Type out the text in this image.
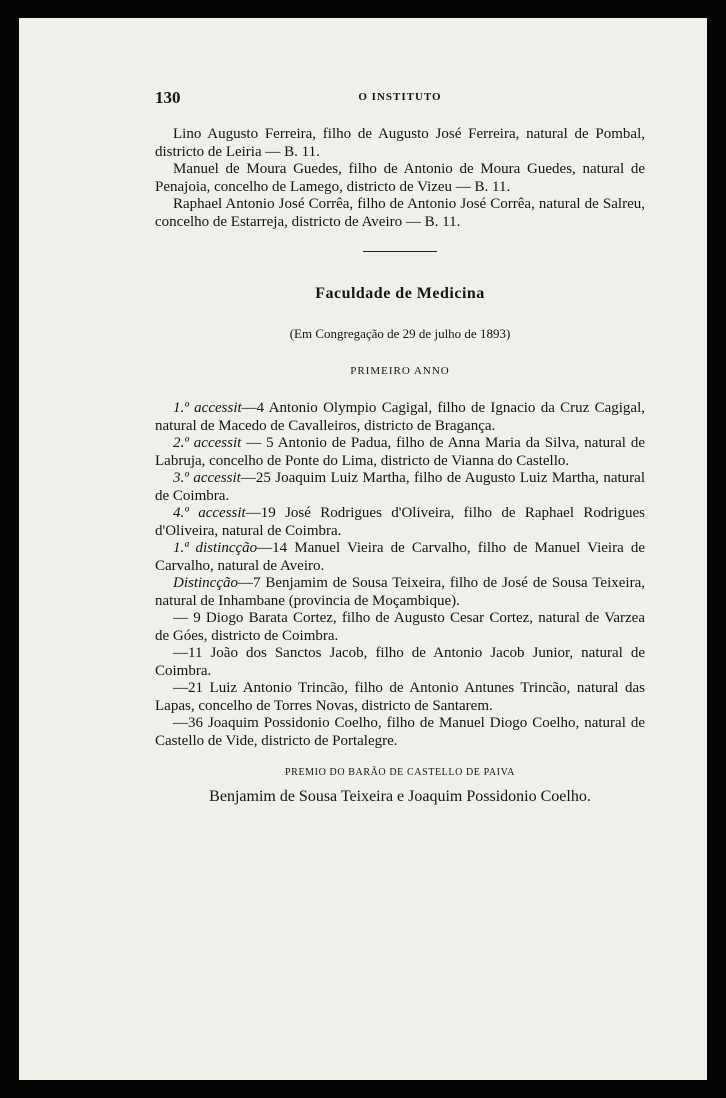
130	O INSTITUTO

Lino Augusto Ferreira, filho de Augusto José Ferreira, natural de Pombal, districto de Leiria — B. 11.

Manuel de Moura Guedes, filho de Antonio de Moura Guedes, natural de Penajoia, concelho de Lamego, districto de Vizeu — B. 11.

Raphael Antonio José Corrêa, filho de Antonio José Corrêa, natural de Salreu, concelho de Estarreja, districto de Aveiro — B. 11.

Faculdade de Medicina
(Em Congregação de 29 de julho de 1893)
PRIMEIRO ANNO

1.º accessit—4 Antonio Olympio Cagigal, filho de Ignacio da Cruz Cagigal, natural de Macedo de Cavalleiros, districto de Bragança.

2.º accessit — 5 Antonio de Padua, filho de Anna Maria da Silva, natural de Labruja, concelho de Ponte do Lima, districto de Vianna do Castello.

3.º accessit—25 Joaquim Luiz Martha, filho de Augusto Luiz Martha, natural de Coimbra.

4.º accessit—19 José Rodrigues d'Oliveira, filho de Raphael Rodrigues d'Oliveira, natural de Coimbra.

1.ª distincção—14 Manuel Vieira de Carvalho, filho de Manuel Vieira de Carvalho, natural de Aveiro.

Distincção—7 Benjamim de Sousa Teixeira, filho de José de Sousa Teixeira, natural de Inhambane (provincia de Moçambique).

— 9 Diogo Barata Cortez, filho de Augusto Cesar Cortez, natural de Varzea de Góes, districto de Coimbra.

—11 João dos Sanctos Jacob, filho de Antonio Jacob Junior, natural de Coimbra.

—21 Luiz Antonio Trincão, filho de Antonio Antunes Trincão, natural das Lapas, concelho de Torres Novas, districto de Santarem.

—36 Joaquim Possidonio Coelho, filho de Manuel Diogo Coelho, natural de Castello de Vide, districto de Portalegre.

PREMIO DO BARÃO DE CASTELLO DE PAIVA
Benjamim de Sousa Teixeira e Joaquim Possidonio Coelho.
